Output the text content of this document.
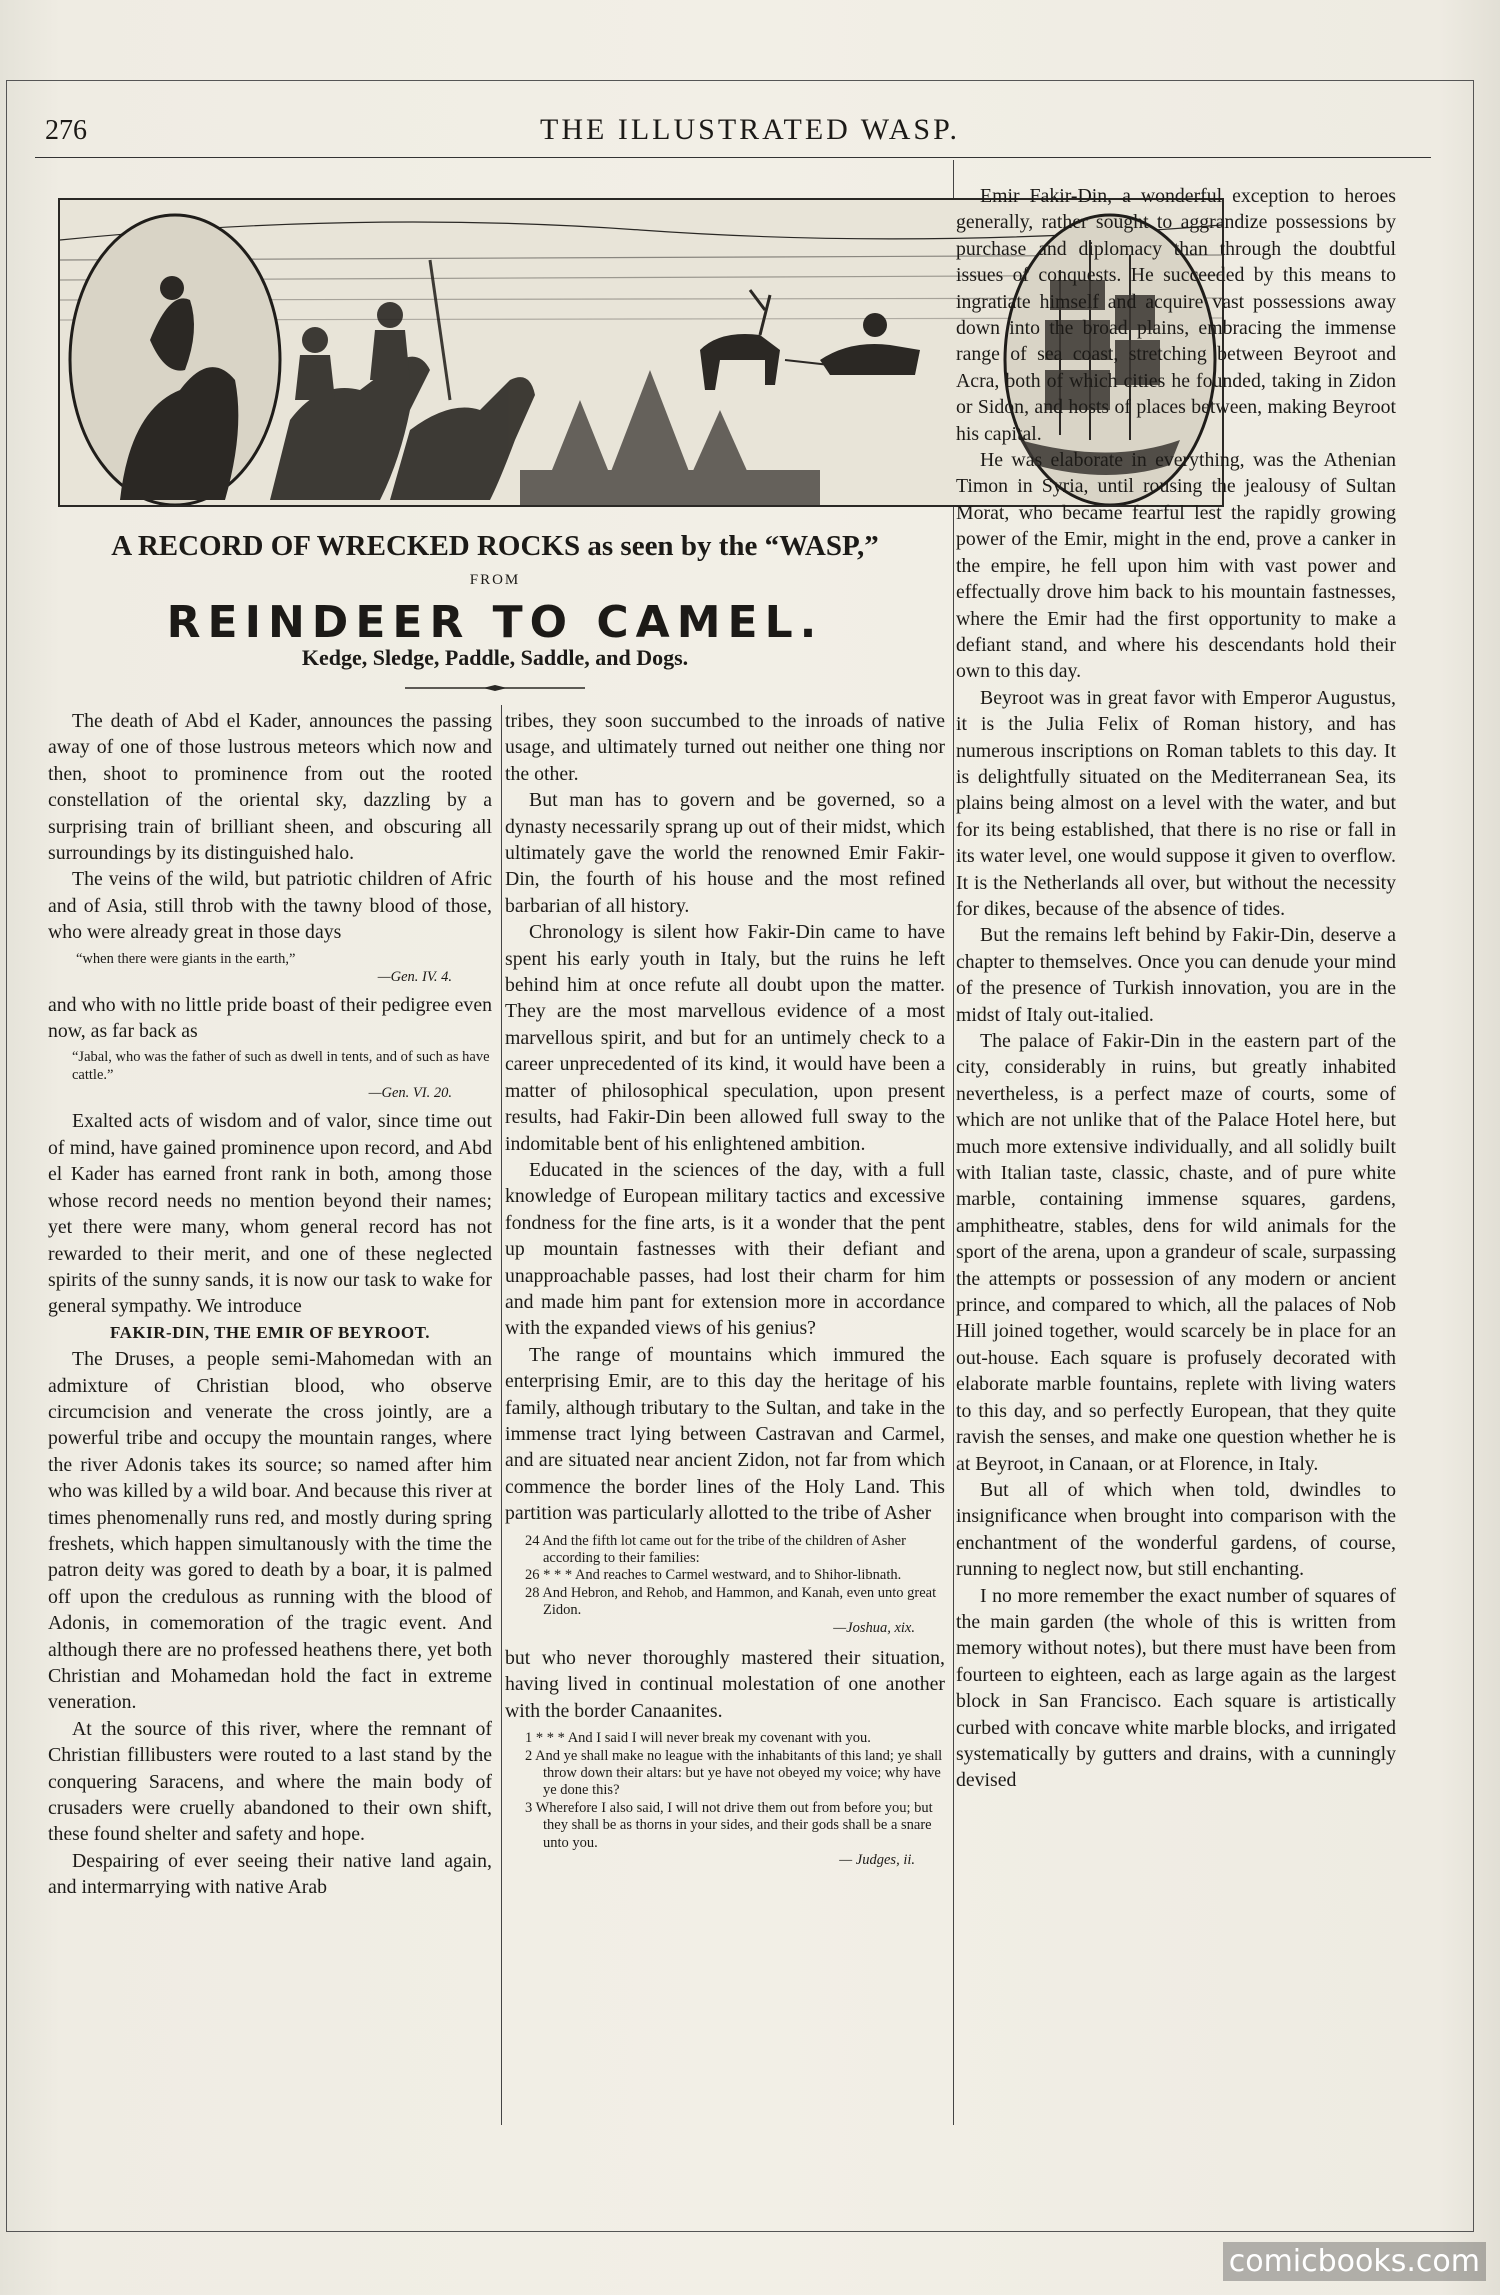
276	THE ILLUSTRATED WASP.
A RECORD OF WRECKED ROCKS as seen by the “WASP,”
FROM
REINDEER TO CAMEL.
Kedge, Sledge, Paddle, Saddle, and Dogs.

The death of Abd el Kader, announces the passing away of one of those lustrous meteors which now and then, shoot to prominence from out the rooted constellation of the oriental sky, dazzling by a surprising train of brilliant sheen, and obscuring all surroundings by its distinguished halo.

The veins of the wild, but patriotic children of Afric and of Asia, still throb with the tawny blood of those, who were already great in those days

“when there were giants in the earth,”
—Gen. IV. 4.

and who with no little pride boast of their pedigree even now, as far back as

“Jabal, who was the father of such as dwell in tents, and of such as have cattle.”
—Gen. VI. 20.

Exalted acts of wisdom and of valor, since time out of mind, have gained prominence upon record, and Abd el Kader has earned front rank in both, among those whose record needs no mention beyond their names; yet there were many, whom general record has not rewarded to their merit, and one of these neglected spirits of the sunny sands, it is now our task to wake for general sympathy. We introduce

FAKIR-DIN, THE EMIR OF BEYROOT.

The Druses, a people semi-Mahomedan with an admixture of Christian blood, who observe circumcision and venerate the cross jointly, are a powerful tribe and occupy the mountain ranges, where the river Adonis takes its source; so named after him who was killed by a wild boar. And because this river at times phenomenally runs red, and mostly during spring freshets, which happen simultanously with the time the patron deity was gored to death by a boar, it is palmed off upon the credulous as running with the blood of Adonis, in comemoration of the tragic event. And although there are no professed heathens there, yet both Christian and Mohamedan hold the fact in extreme veneration.

At the source of this river, where the remnant of Christian fillibusters were routed to a last stand by the conquering Saracens, and where the main body of crusaders were cruelly abandoned to their own shift, these found shelter and safety and hope.

Despairing of ever seeing their native land again, and intermarrying with native Arab

tribes, they soon succumbed to the inroads of native usage, and ultimately turned out neither one thing nor the other.

But man has to govern and be governed, so a dynasty necessarily sprang up out of their midst, which ultimately gave the world the renowned Emir Fakir-Din, the fourth of his house and the most refined barbarian of all history.

Chronology is silent how Fakir-Din came to have spent his early youth in Italy, but the ruins he left behind him at once refute all doubt upon the matter. They are the most marvellous evidence of a most marvellous spirit, and but for an untimely check to a career unprecedented of its kind, it would have been a matter of philosophical speculation, upon present results, had Fakir-Din been allowed full sway to the indomitable bent of his enlightened ambition.

Educated in the sciences of the day, with a full knowledge of European military tactics and excessive fondness for the fine arts, is it a wonder that the pent up mountain fastnesses with their defiant and unapproachable passes, had lost their charm for him and made him pant for extension more in accordance with the expanded views of his genius?

The range of mountains which immured the enterprising Emir, are to this day the heritage of his family, although tributary to the Sultan, and take in the immense tract lying between Castravan and Carmel, and are situated near ancient Zidon, not far from which commence the border lines of the Holy Land. This partition was particularly allotted to the tribe of Asher

24 And the fifth lot came out for the tribe of the children of Asher according to their families:
26 * * * And reaches to Carmel westward, and to Shihor-libnath.
28 And Hebron, and Rehob, and Hammon, and Kanah, even unto great Zidon.
—Joshua, xix.

but who never thoroughly mastered their situation, having lived in continual molestation of one another with the border Canaanites.

1 * * * And I said I will never break my covenant with you.
2 And ye shall make no league with the inhabitants of this land; ye shall throw down their altars: but ye have not obeyed my voice; why have ye done this?
3 Wherefore I also said, I will not drive them out from before you; but they shall be as thorns in your sides, and their gods shall be a snare unto you.
— Judges, ii.

Emir Fakir-Din, a wonderful exception to heroes generally, rather sought to aggrandize possessions by purchase and diplomacy than through the doubtful issues of conquests. He succeeded by this means to ingratiate himself and acquire vast possessions away down into the broad plains, embracing the immense range of sea coast, stretching between Beyroot and Acra, both of which cities he founded, taking in Zidon or Sidon, and hosts of places between, making Beyroot his capital.

He was elaborate in everything, was the Athenian Timon in Syria, until rousing the jealousy of Sultan Morat, who became fearful lest the rapidly growing power of the Emir, might in the end, prove a canker in the empire, he fell upon him with vast power and effectually drove him back to his mountain fastnesses, where the Emir had the first opportunity to make a defiant stand, and where his descendants hold their own to this day.

Beyroot was in great favor with Emperor Augustus, it is the Julia Felix of Roman history, and has numerous inscriptions on Roman tablets to this day. It is delightfully situated on the Mediterranean Sea, its plains being almost on a level with the water, and but for its being established, that there is no rise or fall in its water level, one would suppose it given to overflow. It is the Netherlands all over, but without the necessity for dikes, because of the absence of tides.

But the remains left behind by Fakir-Din, deserve a chapter to themselves. Once you can denude your mind of the presence of Turkish innovation, you are in the midst of Italy out-italied.

The palace of Fakir-Din in the eastern part of the city, considerably in ruins, but greatly inhabited nevertheless, is a perfect maze of courts, some of which are not unlike that of the Palace Hotel here, but much more extensive individually, and all solidly built with Italian taste, classic, chaste, and of pure white marble, containing immense squares, gardens, amphitheatre, stables, dens for wild animals for the sport of the arena, upon a grandeur of scale, surpassing the attempts or possession of any modern or ancient prince, and compared to which, all the palaces of Nob Hill joined together, would scarcely be in place for an out-house. Each square is profusely decorated with elaborate marble fountains, replete with living waters to this day, and so perfectly European, that they quite ravish the senses, and make one question whether he is at Beyroot, in Canaan, or at Florence, in Italy.

But all of which when told, dwindles to insignificance when brought into comparison with the enchantment of the wonderful gardens, of course, running to neglect now, but still enchanting.

I no more remember the exact number of squares of the main garden (the whole of this is written from memory without notes), but there must have been from fourteen to eighteen, each as large again as the largest block in San Francisco. Each square is artistically curbed with concave white marble blocks, and irrigated systematically by gutters and drains, with a cunningly devised

comicbooks.com
